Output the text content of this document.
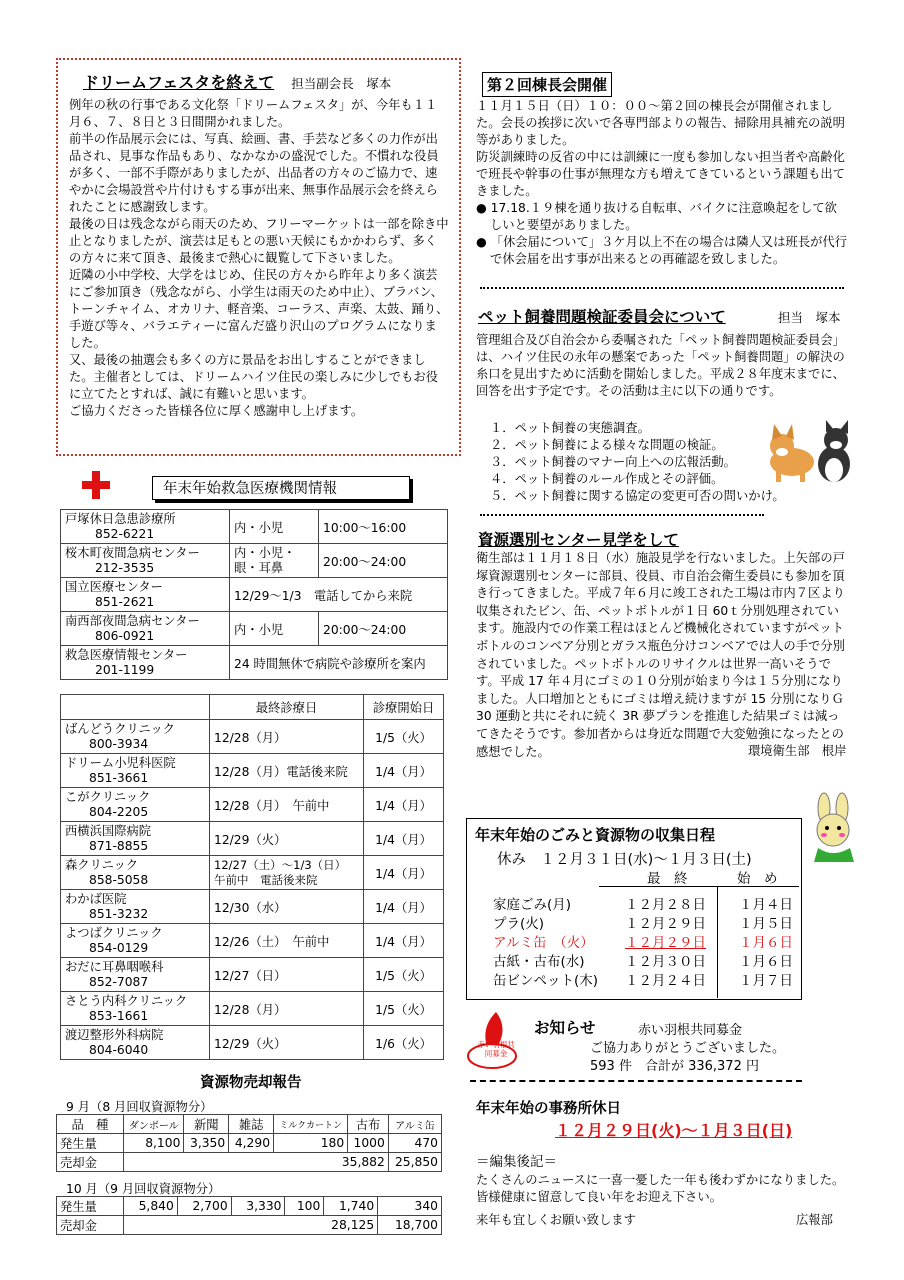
ドリームフェスタを終えて 担当副会長　塚本

例年の秋の行事である文化祭「ドリームフェスタ」が、今年も１１月６、７、８日と３日間開かれました。

前半の作品展示会には、写真、絵画、書、手芸など多くの力作が出品され、見事な作品もあり、なかなかの盛況でした。不慣れな役員が多く、一部不手際がありましたが、出品者の方々のご協力で、速やかに会場設営や片付けもする事が出来、無事作品展示会を終えられたことに感謝致します。

最後の日は残念ながら雨天のため、フリーマーケットは一部を除き中止となりましたが、演芸は足もとの悪い天候にもかかわらず、多くの方々に来て頂き、最後まで熱心に観覧して下さいました。

近隣の小中学校、大学をはじめ、住民の方々から昨年より多く演芸にご参加頂き（残念ながら、小学生は雨天のため中止）、ブラバン、トーンチャイム、オカリナ、軽音楽、コーラス、声楽、太鼓、踊り、手遊び等々、バラエティーに富んだ盛り沢山のプログラムになりました。

又、最後の抽選会も多くの方に景品をお出しすることができました。主催者としては、ドリームハイツ住民の楽しみに少しでもお役に立てたとすれば、誠に有難いと思います。

ご協力くださった皆様各位に厚く感謝申し上げます。

年末年始救急医療機関情報
戸塚休日急患診療所
852-6221	内・小児	10:00〜16:00
桜木町夜間急病センター
212-3535	内・小児・眼・耳鼻	20:00〜24:00
国立医療センター
851-2621	12/29〜1/3　電話してから来院	
南西部夜間急病センター
806-0921	内・小児	20:00〜24:00
救急医療情報センター
201-1199	24 時間無休で病院や診療所を案内	
	最終診療日	診療開始日
ばんどうクリニック
800-3934	12/28（月）	1/5（火）
ドリーム小児科医院
851-3661	12/28（月）電話後来院	1/4（月）
こがクリニック
804-2205	12/28（月）　午前中	1/4（月）
西横浜国際病院
871-8855	12/29（火）	1/4（月）
森クリニック
858-5058	12/27（土）〜1/3（日）
午前中　電話後来院	1/4（月）
わかば医院
851-3232	12/30（水）	1/4（月）
よつばクリニック
854-0129	12/26（土）　午前中	1/4（月）
おだに耳鼻咽喉科
852-7087	12/27（日）	1/5（火）
さとう内科クリニック
853-1661	12/28（月）	1/5（火）
渡辺整形外科病院
804-6040	12/29（火）	1/6（火）
資源物売却報告
9 月（8 月回収資源物分）
品　種	ダンボール	新聞	雑誌	ミルクカートン	古布	アルミ缶
発生量	8,100	3,350	4,290	180	1000	470
売却金	35,882					25,850
10 月（9 月回収資源物分）
発生量	5,840	2,700	3,330	100	1,740	340
売却金	28,125					18,700
第２回棟長会開催

１１月１５日（日）１０：００〜第２回の棟長会が開催されました。会長の挨拶に次いで各専門部よりの報告、掃除用具補充の説明等がありました。

防災訓練時の反省の中には訓練に一度も参加しない担当者や高齢化で班長や幹事の仕事が無理な方も増えてきているという課題も出てきました。

● 17.18.１９棟を通り抜ける自転車、バイクに注意喚起をして欲しいと要望がありました。

● 「休会届について」３ケ月以上不在の場合は隣人又は班長が代行で休会届を出す事が出来るとの再確認を致しました。

ペット飼養問題検証委員会について	担当　塚本
管理組合及び自治会から委嘱された「ペット飼養問題検証委員会」は、ハイツ住民の永年の懸案であった「ペット飼養問題」の解決の糸口を見出すために活動を開始しました。平成２８年度末までに、回答を出す予定です。その活動は主に以下の通りです。
１．ペット飼養の実態調査。
２．ペット飼養による様々な問題の検証。
３．ペット飼養のマナー向上への広報活動。
４．ペット飼養のルール作成とその評価。
５．ペット飼養に関する協定の変更可否の問いかけ。
資源選別センター見学をして
衛生部は１１月１８日（水）施設見学を行ないました。上矢部の戸塚資源選別センターに部員、役員、市自治会衛生委員にも参加を頂き行ってきました。平成７年６月に竣工された工場は市内７区より収集されたビン、缶、ペットボトルが１日 60ｔ分別処理されています。施設内での作業工程はほとんど機械化されていますがペットボトルのコンベア分別とガラス瓶色分けコンベアでは人の手で分別されていました。ペットボトルのリサイクルは世界一高いそうです。平成 17 年４月にゴミの１０分別が始まり今は１５分別になりました。人口増加とともにゴミは増え続けますが 15 分別になりＧ30 運動と共にそれに続く 3R 夢プランを推進した結果ゴミは減ってきたそうです。参加者からは身近な問題で大変勉強になったとの感想でした。	環境衛生部　根岸
年末年始のごみと資源物の収集日程
休み　１２月３１日(水)〜１月３日(土)
最　終	始　め
家庭ごみ(月)	１２月２８日 １月４日
プラ(火)	１２月２９日 １月５日
アルミ缶　（火） １２月２９日 １月６日
古紙・古布(水)	１２月３０日 １月６日
缶ビンペット(木) １２月２４日 １月７日
赤い羽根共同募金
お知らせ	赤い羽根共同募金
ご協力ありがとうございました。
593 件　合計が 336,372 円
年末年始の事務所休日
１２月２９日(火)〜１月３日(日)
＝編集後記＝
たくさんのニュースに一喜一憂した一年も後わずかになりました。皆様健康に留意して良い年をお迎え下さい。
来年も宜しくお願い致します	広報部
